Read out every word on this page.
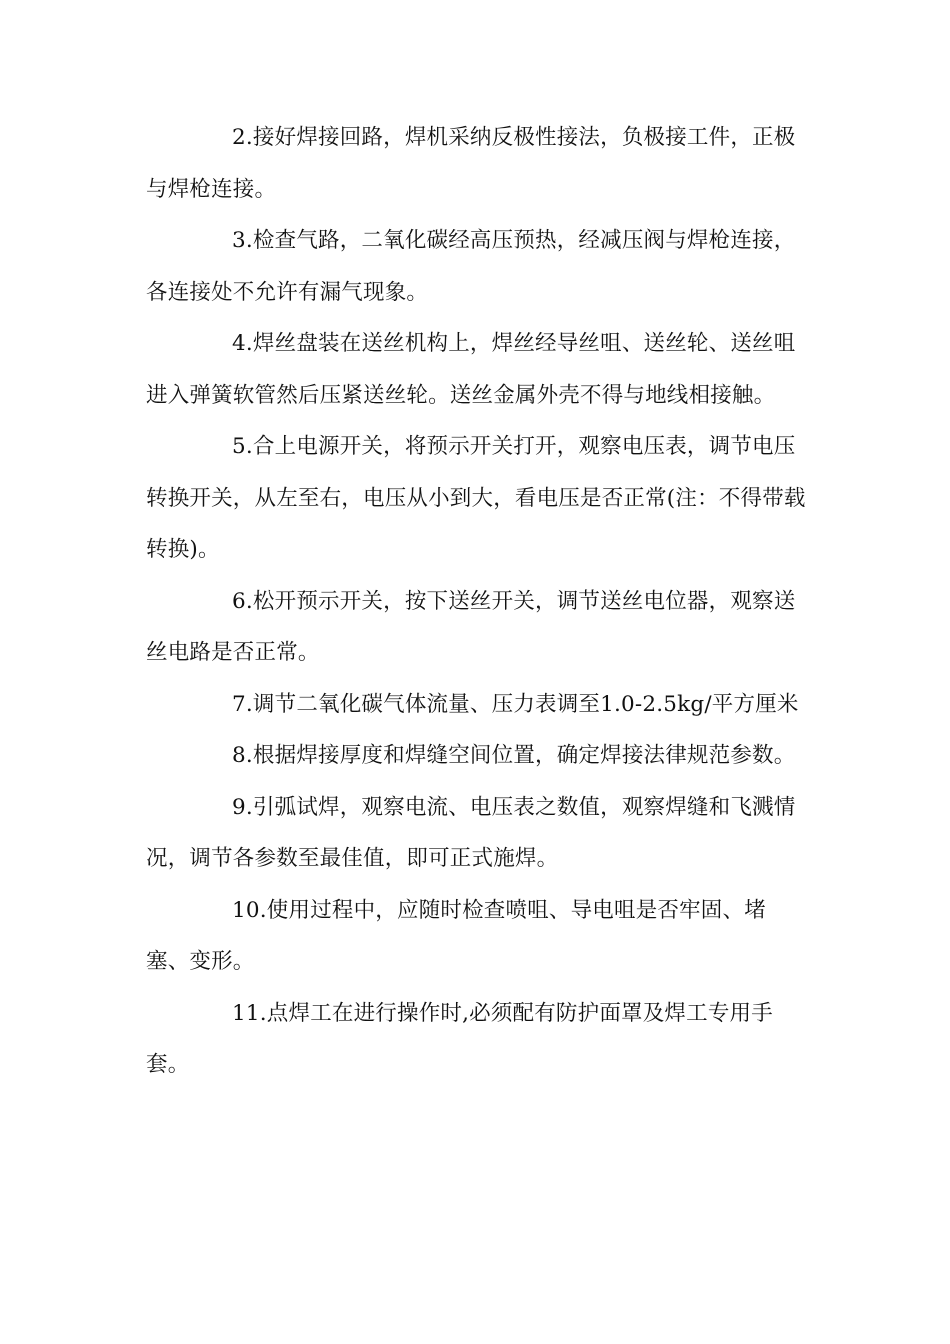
2.接好焊接回路，焊机采纳反极性接法，负极接工件，正极与焊枪连接。

3.检查气路，二氧化碳经高压预热，经减压阀与焊枪连接，各连接处不允许有漏气现象。

4.焊丝盘装在送丝机构上，焊丝经导丝咀、送丝轮、送丝咀进入弹簧软管然后压紧送丝轮。送丝金属外壳不得与地线相接触。

5.合上电源开关，将预示开关打开，观察电压表，调节电压转换开关，从左至右，电压从小到大，看电压是否正常(注：不得带载转换)。

6.松开预示开关，按下送丝开关，调节送丝电位器，观察送丝电路是否正常。

7.调节二氧化碳气体流量、压力表调至1.0-2.5kg/平方厘米

8.根据焊接厚度和焊缝空间位置，确定焊接法律规范参数。

9.引弧试焊，观察电流、电压表之数值，观察焊缝和飞溅情况，调节各参数至最佳值，即可正式施焊。

10.使用过程中，应随时检查喷咀、导电咀是否牢固、堵塞、变形。

11.点焊工在进行操作时,必须配有防护面罩及焊工专用手套。
